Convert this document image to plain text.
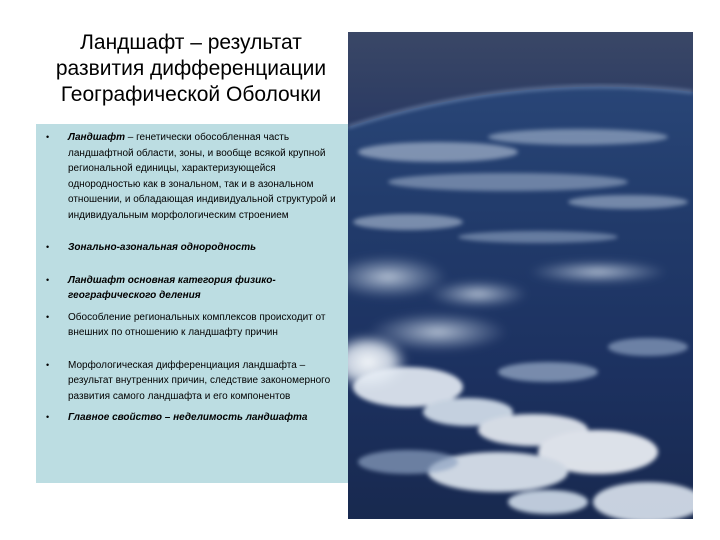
Ландшафт – результат развития дифференциации Географической Оболочки
• Ландшафт – генетически обособленная часть ландшафтной области, зоны, и вообще всякой крупной региональной единицы, характеризующейся однородностью как в зональном, так и в азональном отношении, и обладающая индивидуальной структурой и индивидуальным морфологическим строением
• Зонально-азональная однородность
• Ландшафт основная категория физико-географического деления
• Обособление региональных комплексов происходит от внешних по отношению к ландшафту причин
• Морфологическая дифференциация ландшафта – результат внутренних причин, следствие закономерного развития самого ландшафта и его компонентов
• Главное свойство – неделимость ландшафта
